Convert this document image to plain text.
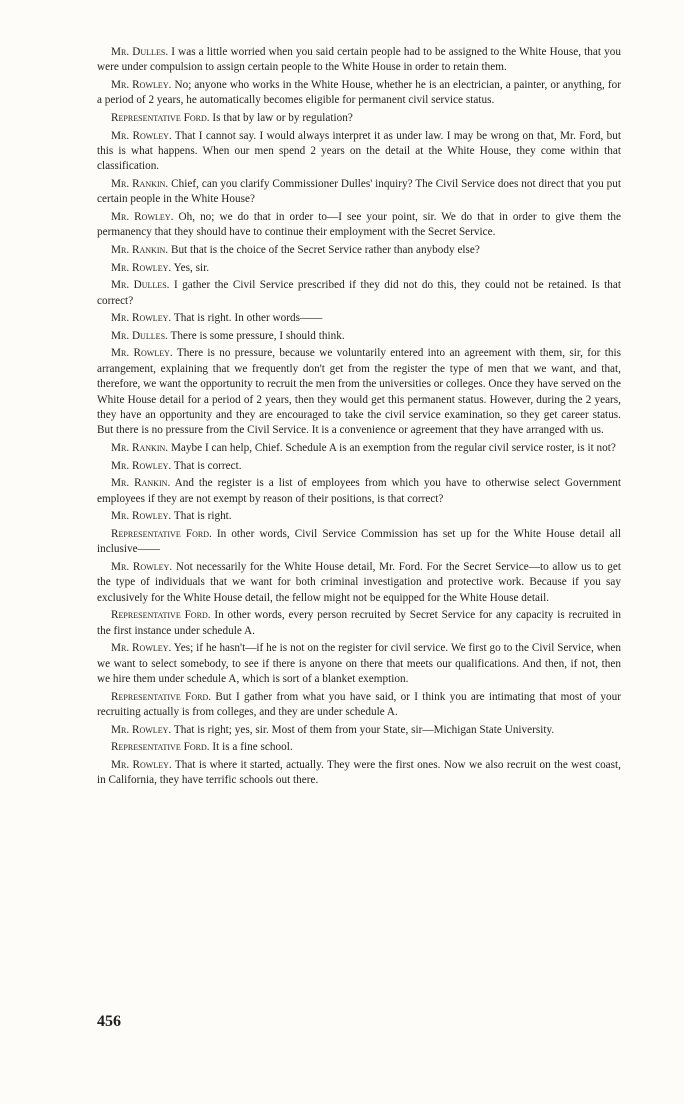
Mr. Dulles. I was a little worried when you said certain people had to be assigned to the White House, that you were under compulsion to assign certain people to the White House in order to retain them.

Mr. Rowley. No; anyone who works in the White House, whether he is an electrician, a painter, or anything, for a period of 2 years, he automatically becomes eligible for permanent civil service status.

Representative Ford. Is that by law or by regulation?

Mr. Rowley. That I cannot say. I would always interpret it as under law. I may be wrong on that, Mr. Ford, but this is what happens. When our men spend 2 years on the detail at the White House, they come within that classification.

Mr. Rankin. Chief, can you clarify Commissioner Dulles' inquiry? The Civil Service does not direct that you put certain people in the White House?

Mr. Rowley. Oh, no; we do that in order to—I see your point, sir. We do that in order to give them the permanency that they should have to continue their employment with the Secret Service.

Mr. Rankin. But that is the choice of the Secret Service rather than anybody else?

Mr. Rowley. Yes, sir.

Mr. Dulles. I gather the Civil Service prescribed if they did not do this, they could not be retained. Is that correct?

Mr. Rowley. That is right. In other words——

Mr. Dulles. There is some pressure, I should think.

Mr. Rowley. There is no pressure, because we voluntarily entered into an agreement with them, sir, for this arrangement, explaining that we frequently don't get from the register the type of men that we want, and that, therefore, we want the opportunity to recruit the men from the universities or colleges. Once they have served on the White House detail for a period of 2 years, then they would get this permanent status. However, during the 2 years, they have an opportunity and they are encouraged to take the civil service examination, so they get career status. But there is no pressure from the Civil Service. It is a convenience or agreement that they have arranged with us.

Mr. Rankin. Maybe I can help, Chief. Schedule A is an exemption from the regular civil service roster, is it not?

Mr. Rowley. That is correct.

Mr. Rankin. And the register is a list of employees from which you have to otherwise select Government employees if they are not exempt by reason of their positions, is that correct?

Mr. Rowley. That is right.

Representative Ford. In other words, Civil Service Commission has set up for the White House detail all inclusive——

Mr. Rowley. Not necessarily for the White House detail, Mr. Ford. For the Secret Service—to allow us to get the type of individuals that we want for both criminal investigation and protective work. Because if you say exclusively for the White House detail, the fellow might not be equipped for the White House detail.

Representative Ford. In other words, every person recruited by Secret Service for any capacity is recruited in the first instance under schedule A.

Mr. Rowley. Yes; if he hasn't—if he is not on the register for civil service. We first go to the Civil Service, when we want to select somebody, to see if there is anyone on there that meets our qualifications. And then, if not, then we hire them under schedule A, which is sort of a blanket exemption.

Representative Ford. But I gather from what you have said, or I think you are intimating that most of your recruiting actually is from colleges, and they are under schedule A.

Mr. Rowley. That is right; yes, sir. Most of them from your State, sir—Michigan State University.

Representative Ford. It is a fine school.

Mr. Rowley. That is where it started, actually. They were the first ones. Now we also recruit on the west coast, in California, they have terrific schools out there.

456
